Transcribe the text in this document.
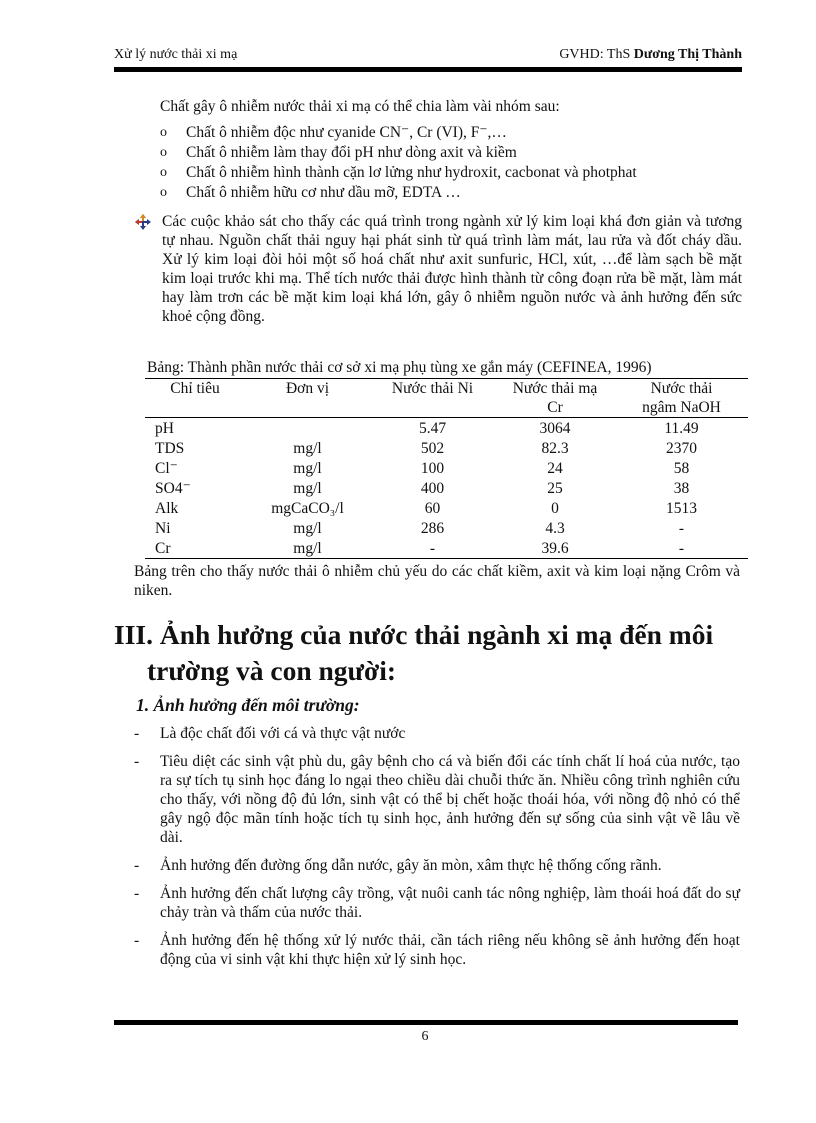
Xử lý nước thải xi mạ	GVHD: ThS Dương Thị Thành
Chất gây ô nhiễm nước thải xi mạ có thể chia làm vài nhóm sau:
o Chất ô nhiễm độc như cyanide CN⁻, Cr (VI), F⁻,…
o Chất ô nhiễm làm thay đổi pH như dòng axit và kiềm
o Chất ô nhiễm hình thành cặn lơ lửng như hydroxit, cacbonat và photphat
o Chất ô nhiễm hữu cơ như dầu mỡ, EDTA …
Các cuộc khảo sát cho thấy các quá trình trong ngành xử lý kim loại khá đơn giản và tương tự nhau. Nguồn chất thải nguy hại phát sinh từ quá trình làm mát, lau rửa và đốt cháy dầu. Xử lý kim loại đòi hỏi một số hoá chất như axit sunfuric, HCl, xút, …để làm sạch bề mặt kim loại trước khi mạ. Thể tích nước thải được hình thành từ công đoạn rửa bề mặt, làm mát hay làm trơn các bề mặt kim loại khá lớn, gây ô nhiễm nguồn nước và ảnh hưởng đến sức khoẻ cộng đồng.
Bảng: Thành phần nước thải cơ sở xi mạ phụ tùng xe gắn máy (CEFINEA, 1996)
Chỉ tiêu	Đơn vị	Nước thải Ni	Nước thải mạ Cr	Nước thải ngâm NaOH
pH		5.47	3064	11.49
TDS	mg/l	502	82.3	2370
Cl⁻	mg/l	100	24	58
SO4⁻	mg/l	400	25	38
Alk	mgCaCO₃/l	60	0	1513
Ni	mg/l	286	4.3	-
Cr	mg/l	-	39.6	-
Bảng trên cho thấy nước thải ô nhiễm chủ yếu do các chất kiềm, axit và kim loại nặng Crôm và niken.
III. Ảnh hưởng của nước thải ngành xi mạ đến môi
trường và con người:
1. Ảnh hưởng đến môi trường:
- Là độc chất đối với cá và thực vật nước
- Tiêu diệt các sinh vật phù du, gây bệnh cho cá và biến đổi các tính chất lí hoá của nước, tạo ra sự tích tụ sinh học đáng lo ngại theo chiều dài chuỗi thức ăn. Nhiều công trình nghiên cứu cho thấy, với nồng độ đủ lớn, sinh vật có thể bị chết hoặc thoái hóa, với nồng độ nhỏ có thể gây ngộ độc mãn tính hoặc tích tụ sinh học, ảnh hưởng đến sự sống của sinh vật về lâu về dài.
- Ảnh hưởng đến đường ống dẫn nước, gây ăn mòn, xâm thực hệ thống cống rãnh.
- Ảnh hưởng đến chất lượng cây trồng, vật nuôi canh tác nông nghiệp, làm thoái hoá đất do sự chảy tràn và thấm của nước thải.
- Ảnh hưởng đến hệ thống xử lý nước thải, cần tách riêng nếu không sẽ ảnh hưởng đến hoạt động của vi sinh vật khi thực hiện xử lý sinh học.
6
